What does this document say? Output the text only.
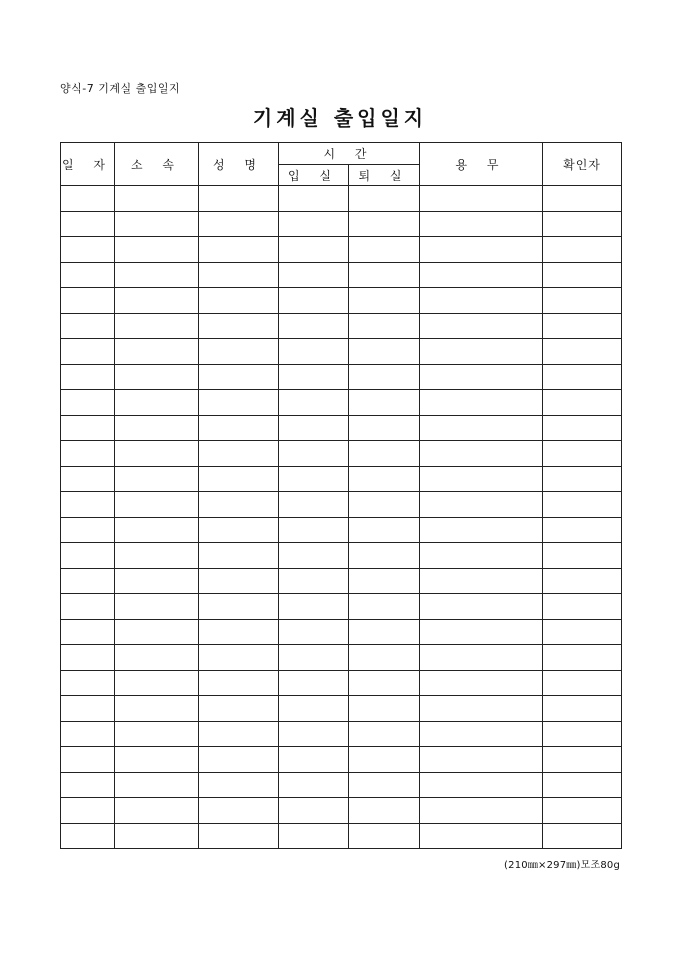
양식-7 기계실 출입일지
기계실 출입일지
일 자	소 속	성 명	시 간		용 무	확인자
			입 실	퇴 실		

(210㎜×297㎜)모조80g
